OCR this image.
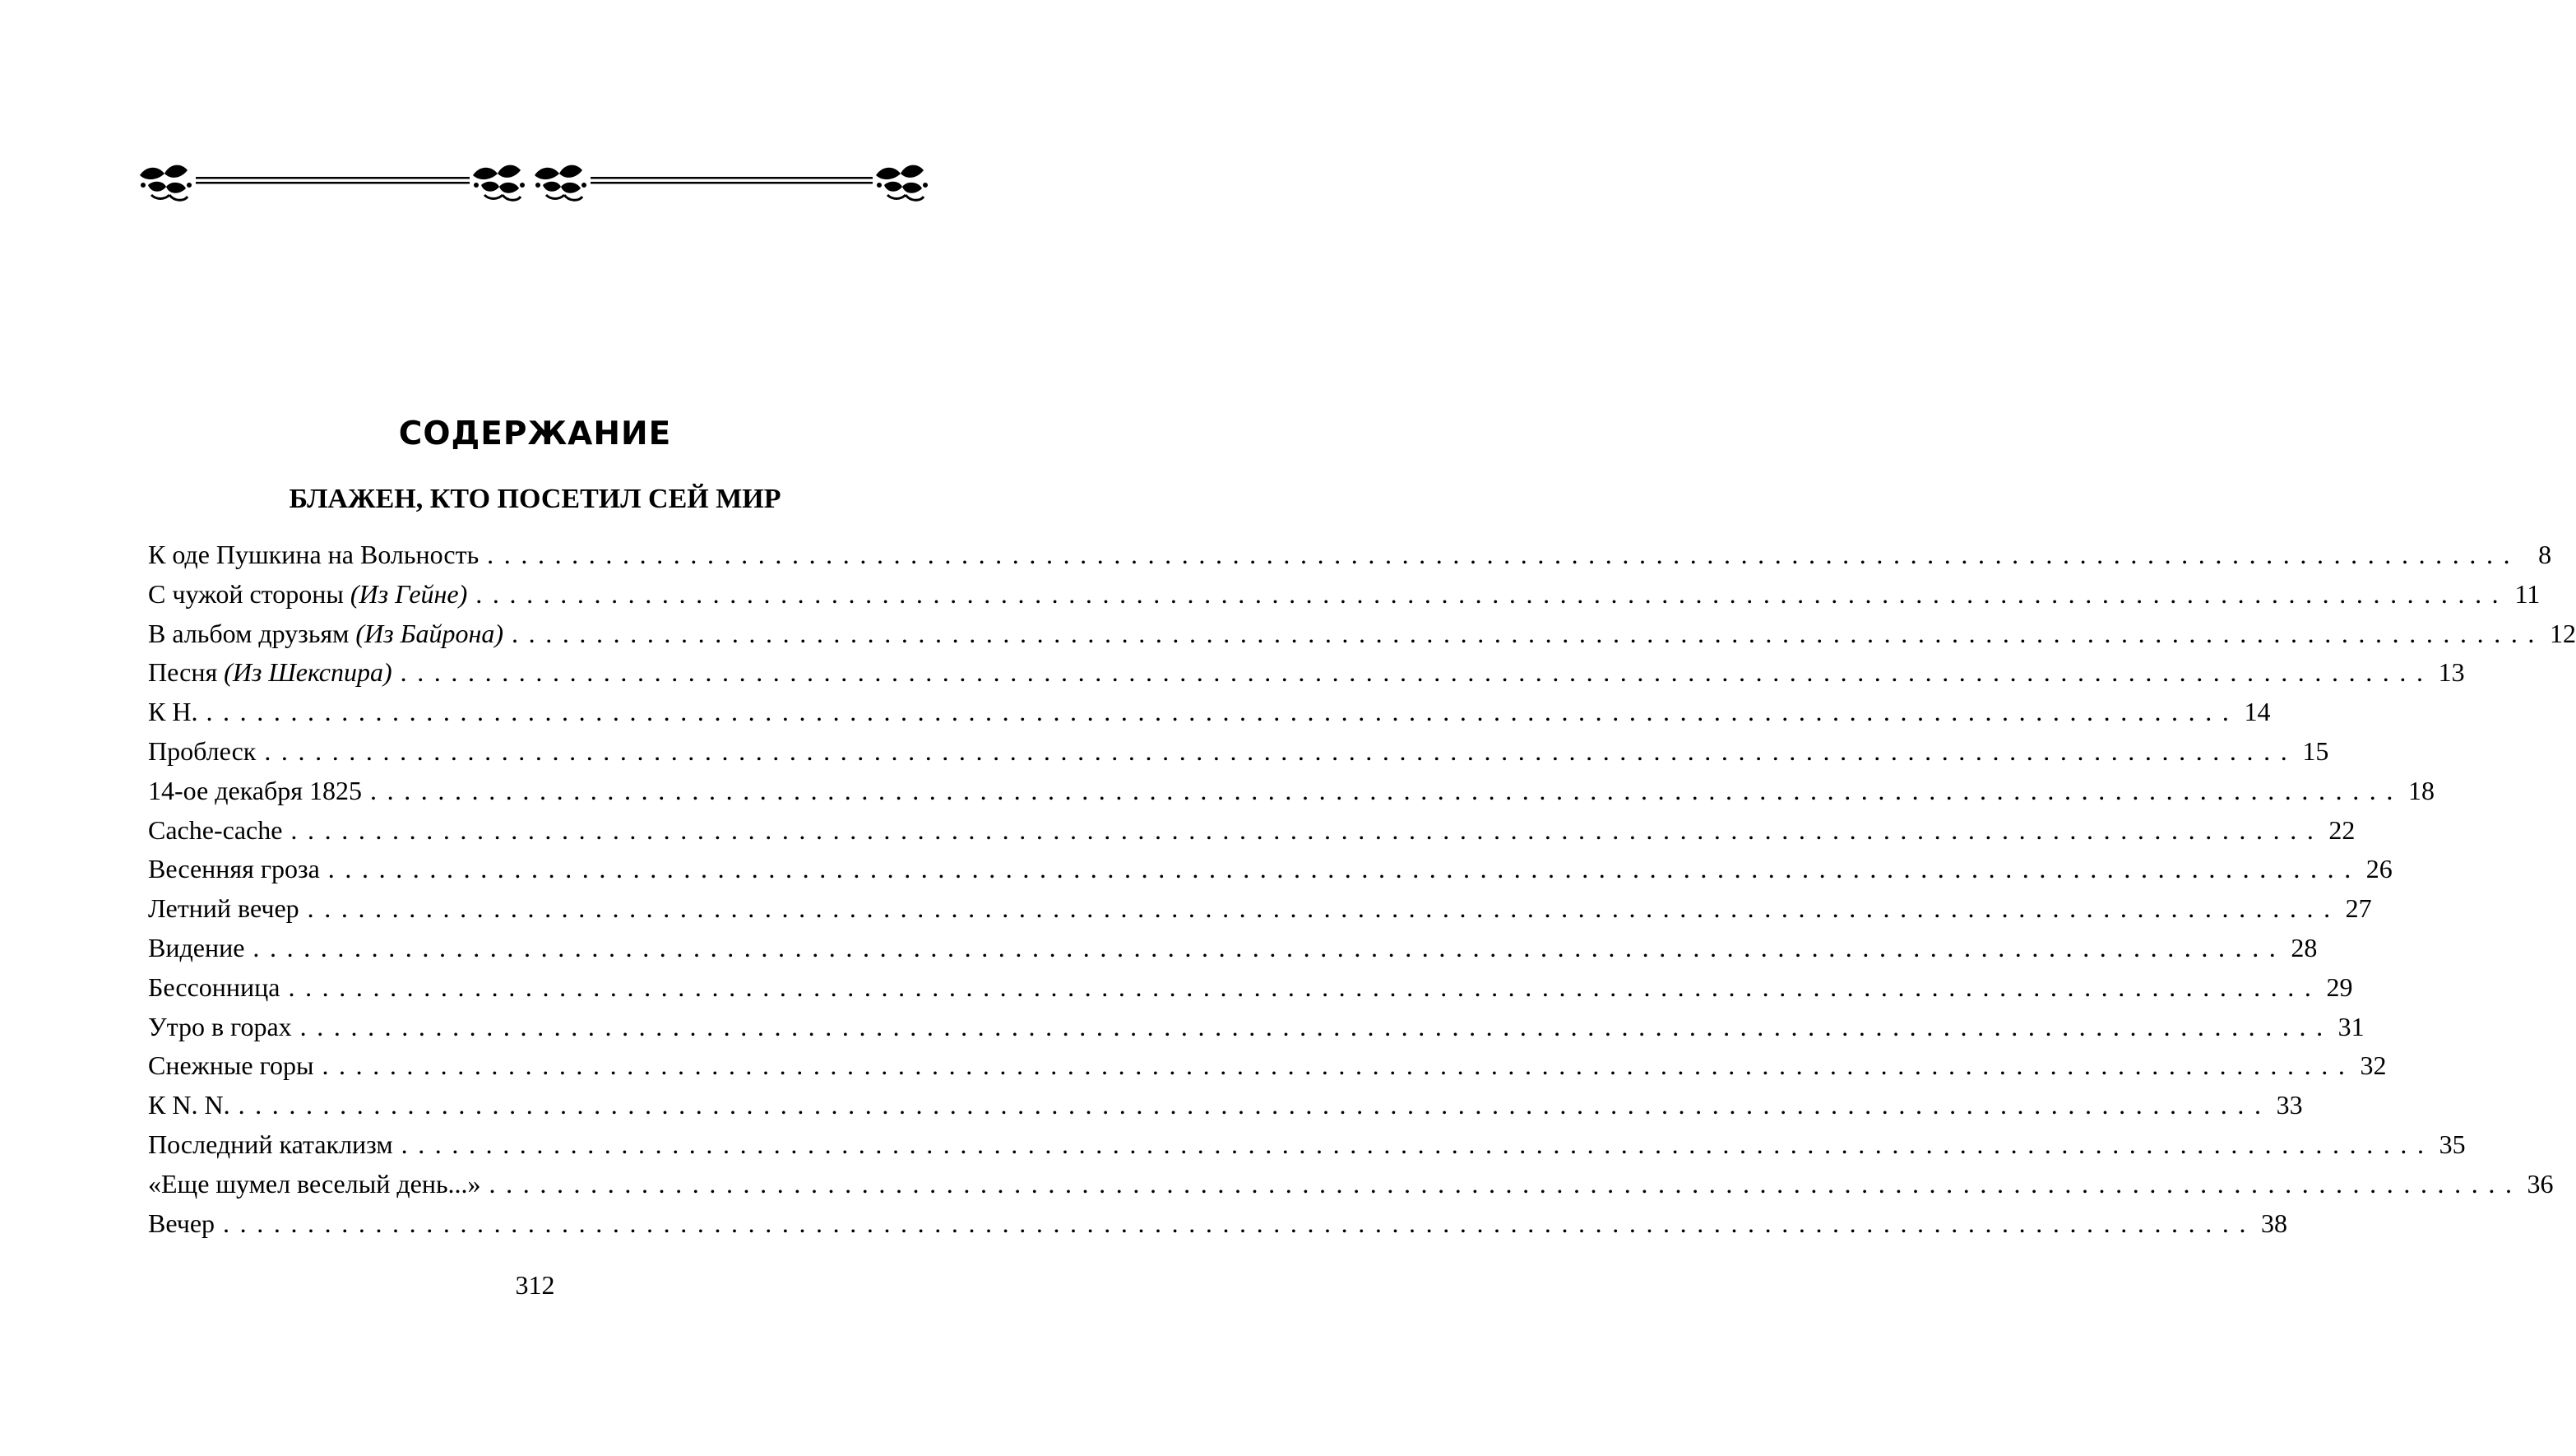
СОДЕРЖАНИЕ
БЛАЖЕН, КТО ПОСЕТИЛ СЕЙ МИР
К оде Пушкина на Вольность ........................................................................................................................ 8
С чужой стороны (Из Гейне) ........................................................................................................................ 11
В альбом друзьям (Из Байрона) ........................................................................................................................ 12
Песня (Из Шекспира) ........................................................................................................................ 13
К Н. ........................................................................................................................ 14
Проблеск ........................................................................................................................ 15
14-ое декабря 1825 ........................................................................................................................ 18
Cache-cache ........................................................................................................................ 22
Весенняя гроза ........................................................................................................................ 26
Летний вечер ........................................................................................................................ 27
Видение ........................................................................................................................ 28
Бессонница ........................................................................................................................ 29
Утро в горах ........................................................................................................................ 31
Снежные горы ........................................................................................................................ 32
К N. N. ........................................................................................................................ 33
Последний катаклизм ........................................................................................................................ 35
«Еще шумел веселый день...» ........................................................................................................................ 36
Вечер ........................................................................................................................ 38
312
